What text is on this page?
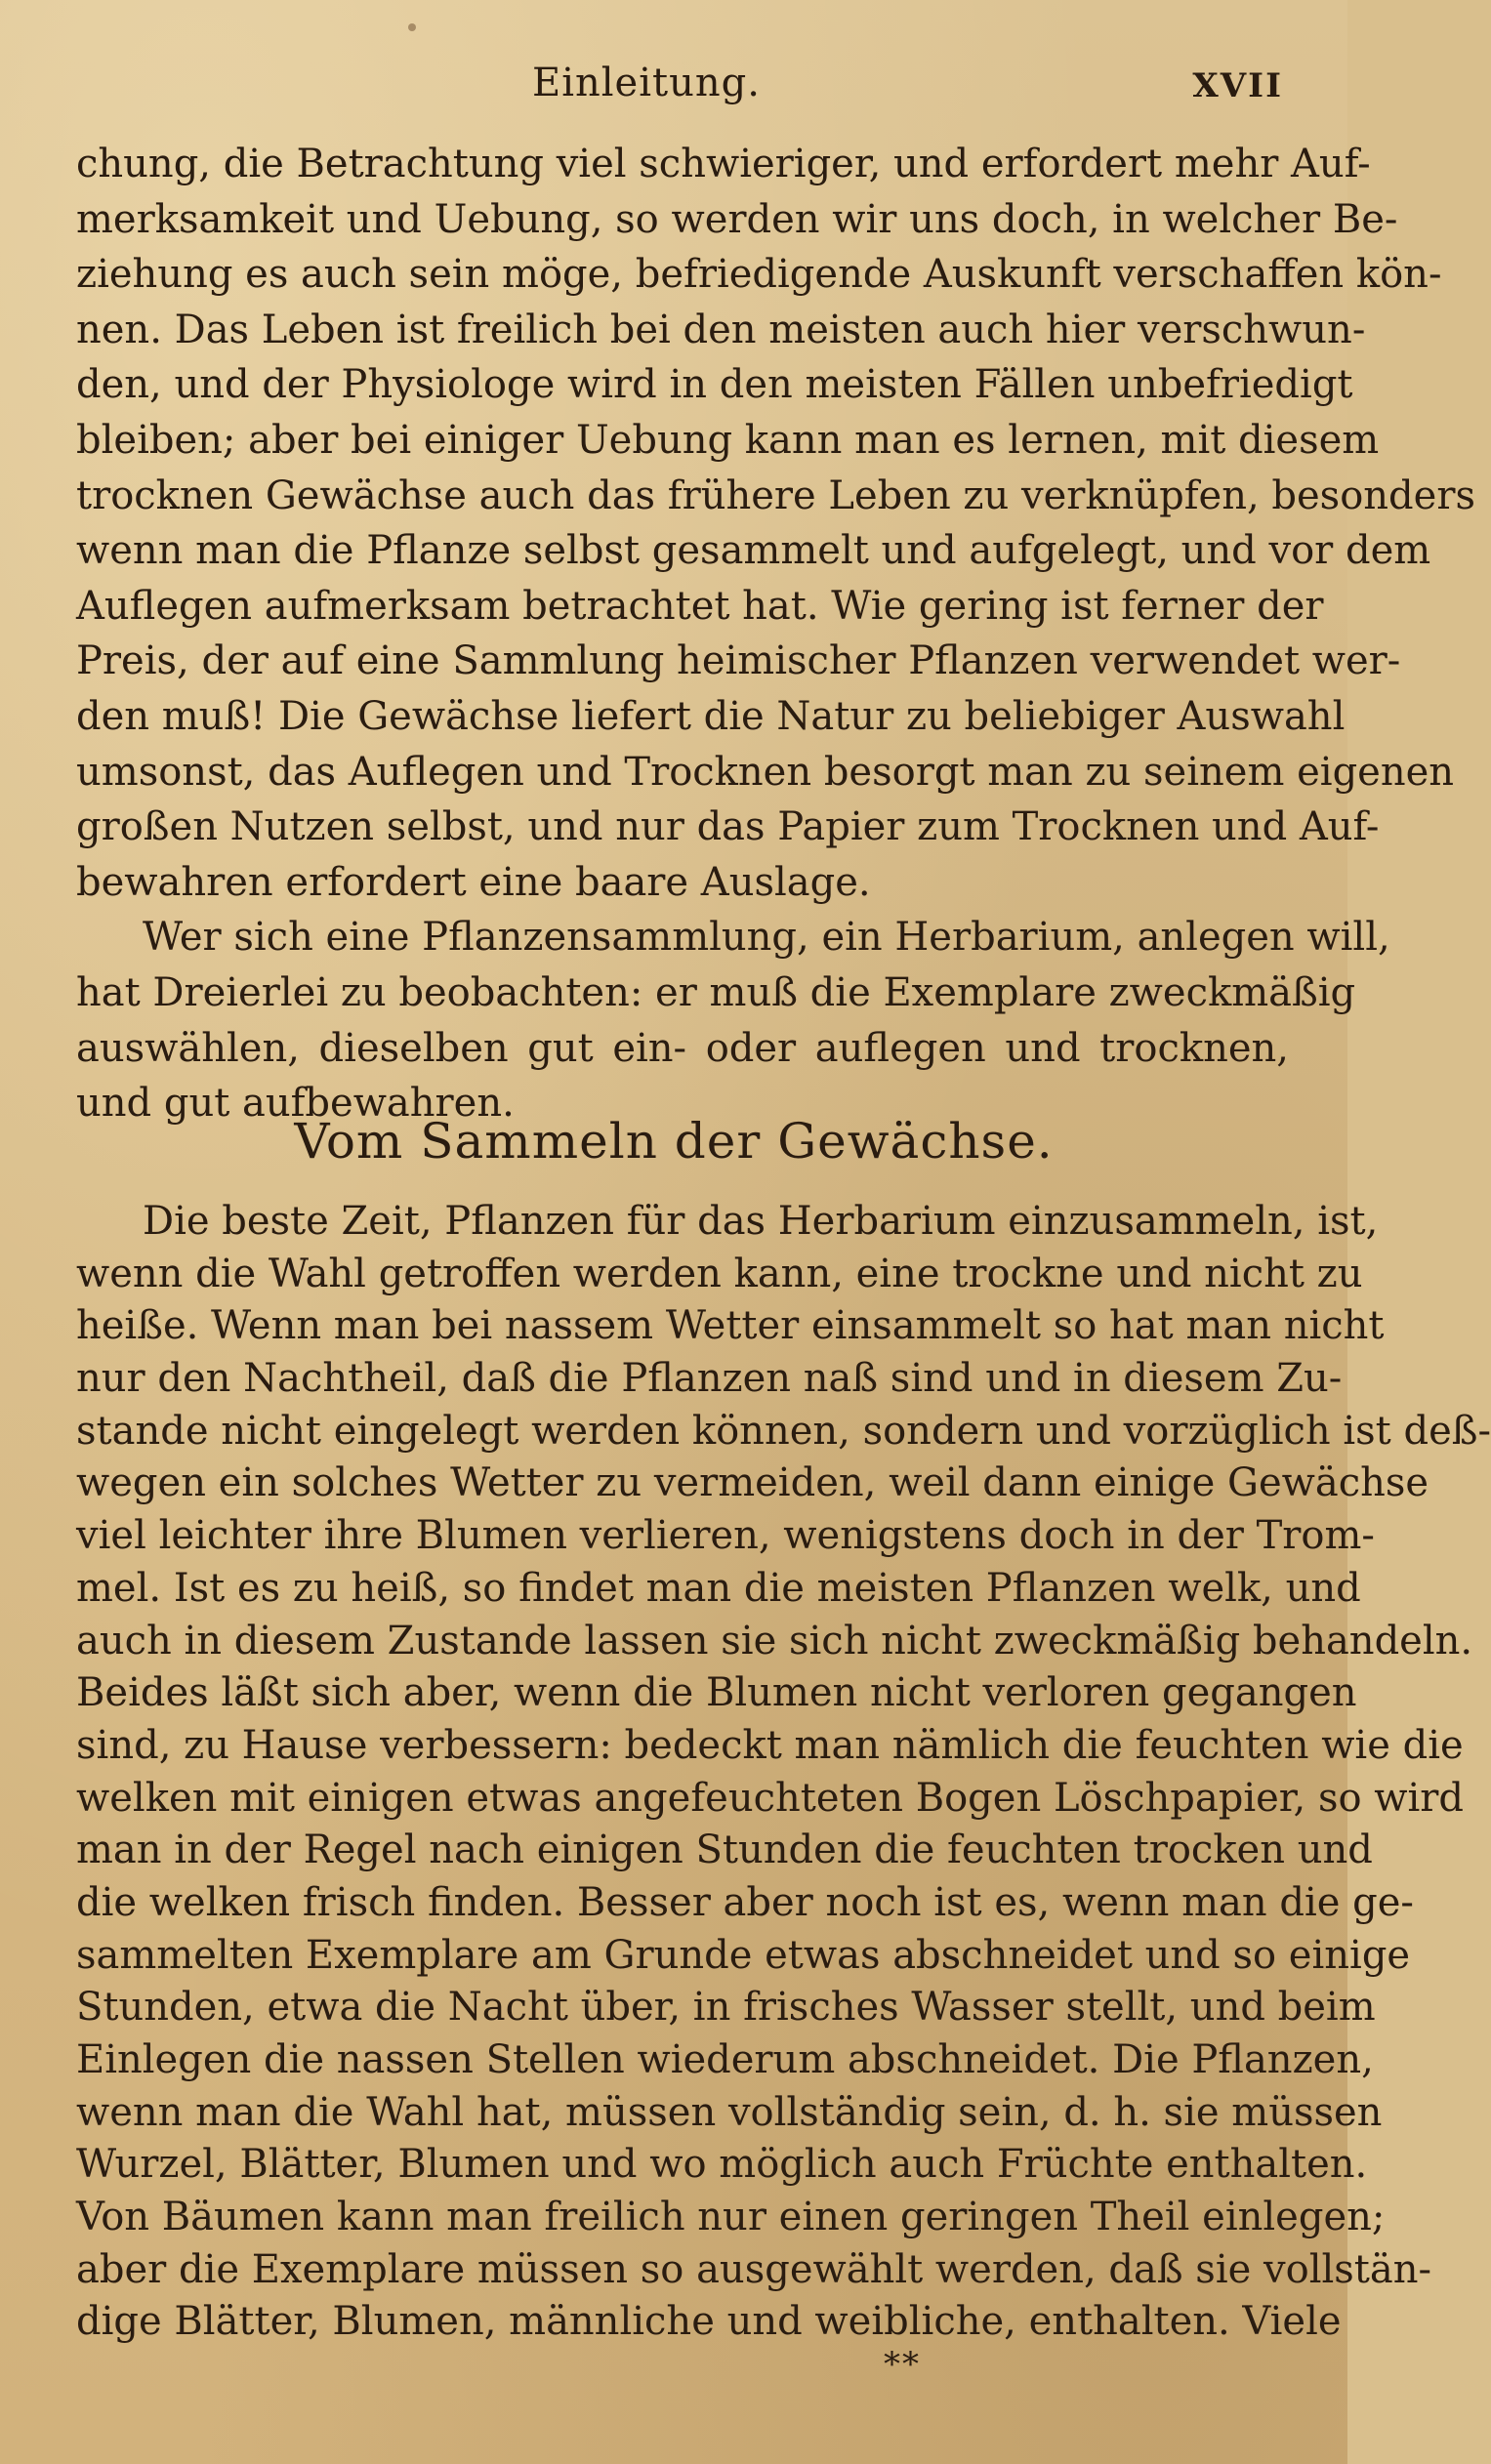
Einleitung.	XVII
chung, die Betrachtung viel schwieriger, und erfordert mehr Auf-
merksamkeit und Uebung, so werden wir uns doch, in welcher Be-
ziehung es auch sein möge, befriedigende Auskunft verschaffen kön-
nen. Das Leben ist freilich bei den meisten auch hier verschwun-
den, und der Physiologe wird in den meisten Fällen unbefriedigt
bleiben; aber bei einiger Uebung kann man es lernen, mit diesem
trocknen Gewächse auch das frühere Leben zu verknüpfen, besonders
wenn man die Pflanze selbst gesammelt und aufgelegt, und vor dem
Auflegen aufmerksam betrachtet hat. Wie gering ist ferner der
Preis, der auf eine Sammlung heimischer Pflanzen verwendet wer-
den muß! Die Gewächse liefert die Natur zu beliebiger Auswahl
umsonst, das Auflegen und Trocknen besorgt man zu seinem eigenen
großen Nutzen selbst, und nur das Papier zum Trocknen und Auf-
bewahren erfordert eine baare Auslage.
Wer sich eine Pflanzensammlung, ein Herbarium, anlegen will,
hat Dreierlei zu beobachten: er muß die Exemplare zweckmäßig
auswählen, dieselben gut ein- oder auflegen und trocknen,
und gut aufbewahren.
Vom Sammeln der Gewächse.
Die beste Zeit, Pflanzen für das Herbarium einzusammeln, ist,
wenn die Wahl getroffen werden kann, eine trockne und nicht zu
heiße. Wenn man bei nassem Wetter einsammelt so hat man nicht
nur den Nachtheil, daß die Pflanzen naß sind und in diesem Zu-
stande nicht eingelegt werden können, sondern und vorzüglich ist deß-
wegen ein solches Wetter zu vermeiden, weil dann einige Gewächse
viel leichter ihre Blumen verlieren, wenigstens doch in der Trom-
mel. Ist es zu heiß, so findet man die meisten Pflanzen welk, und
auch in diesem Zustande lassen sie sich nicht zweckmäßig behandeln.
Beides läßt sich aber, wenn die Blumen nicht verloren gegangen
sind, zu Hause verbessern: bedeckt man nämlich die feuchten wie die
welken mit einigen etwas angefeuchteten Bogen Löschpapier, so wird
man in der Regel nach einigen Stunden die feuchten trocken und
die welken frisch finden. Besser aber noch ist es, wenn man die ge-
sammelten Exemplare am Grunde etwas abschneidet und so einige
Stunden, etwa die Nacht über, in frisches Wasser stellt, und beim
Einlegen die nassen Stellen wiederum abschneidet. Die Pflanzen,
wenn man die Wahl hat, müssen vollständig sein, d. h. sie müssen
Wurzel, Blätter, Blumen und wo möglich auch Früchte enthalten.
Von Bäumen kann man freilich nur einen geringen Theil einlegen;
aber die Exemplare müssen so ausgewählt werden, daß sie vollstän-
dige Blätter, Blumen, männliche und weibliche, enthalten. Viele
**
